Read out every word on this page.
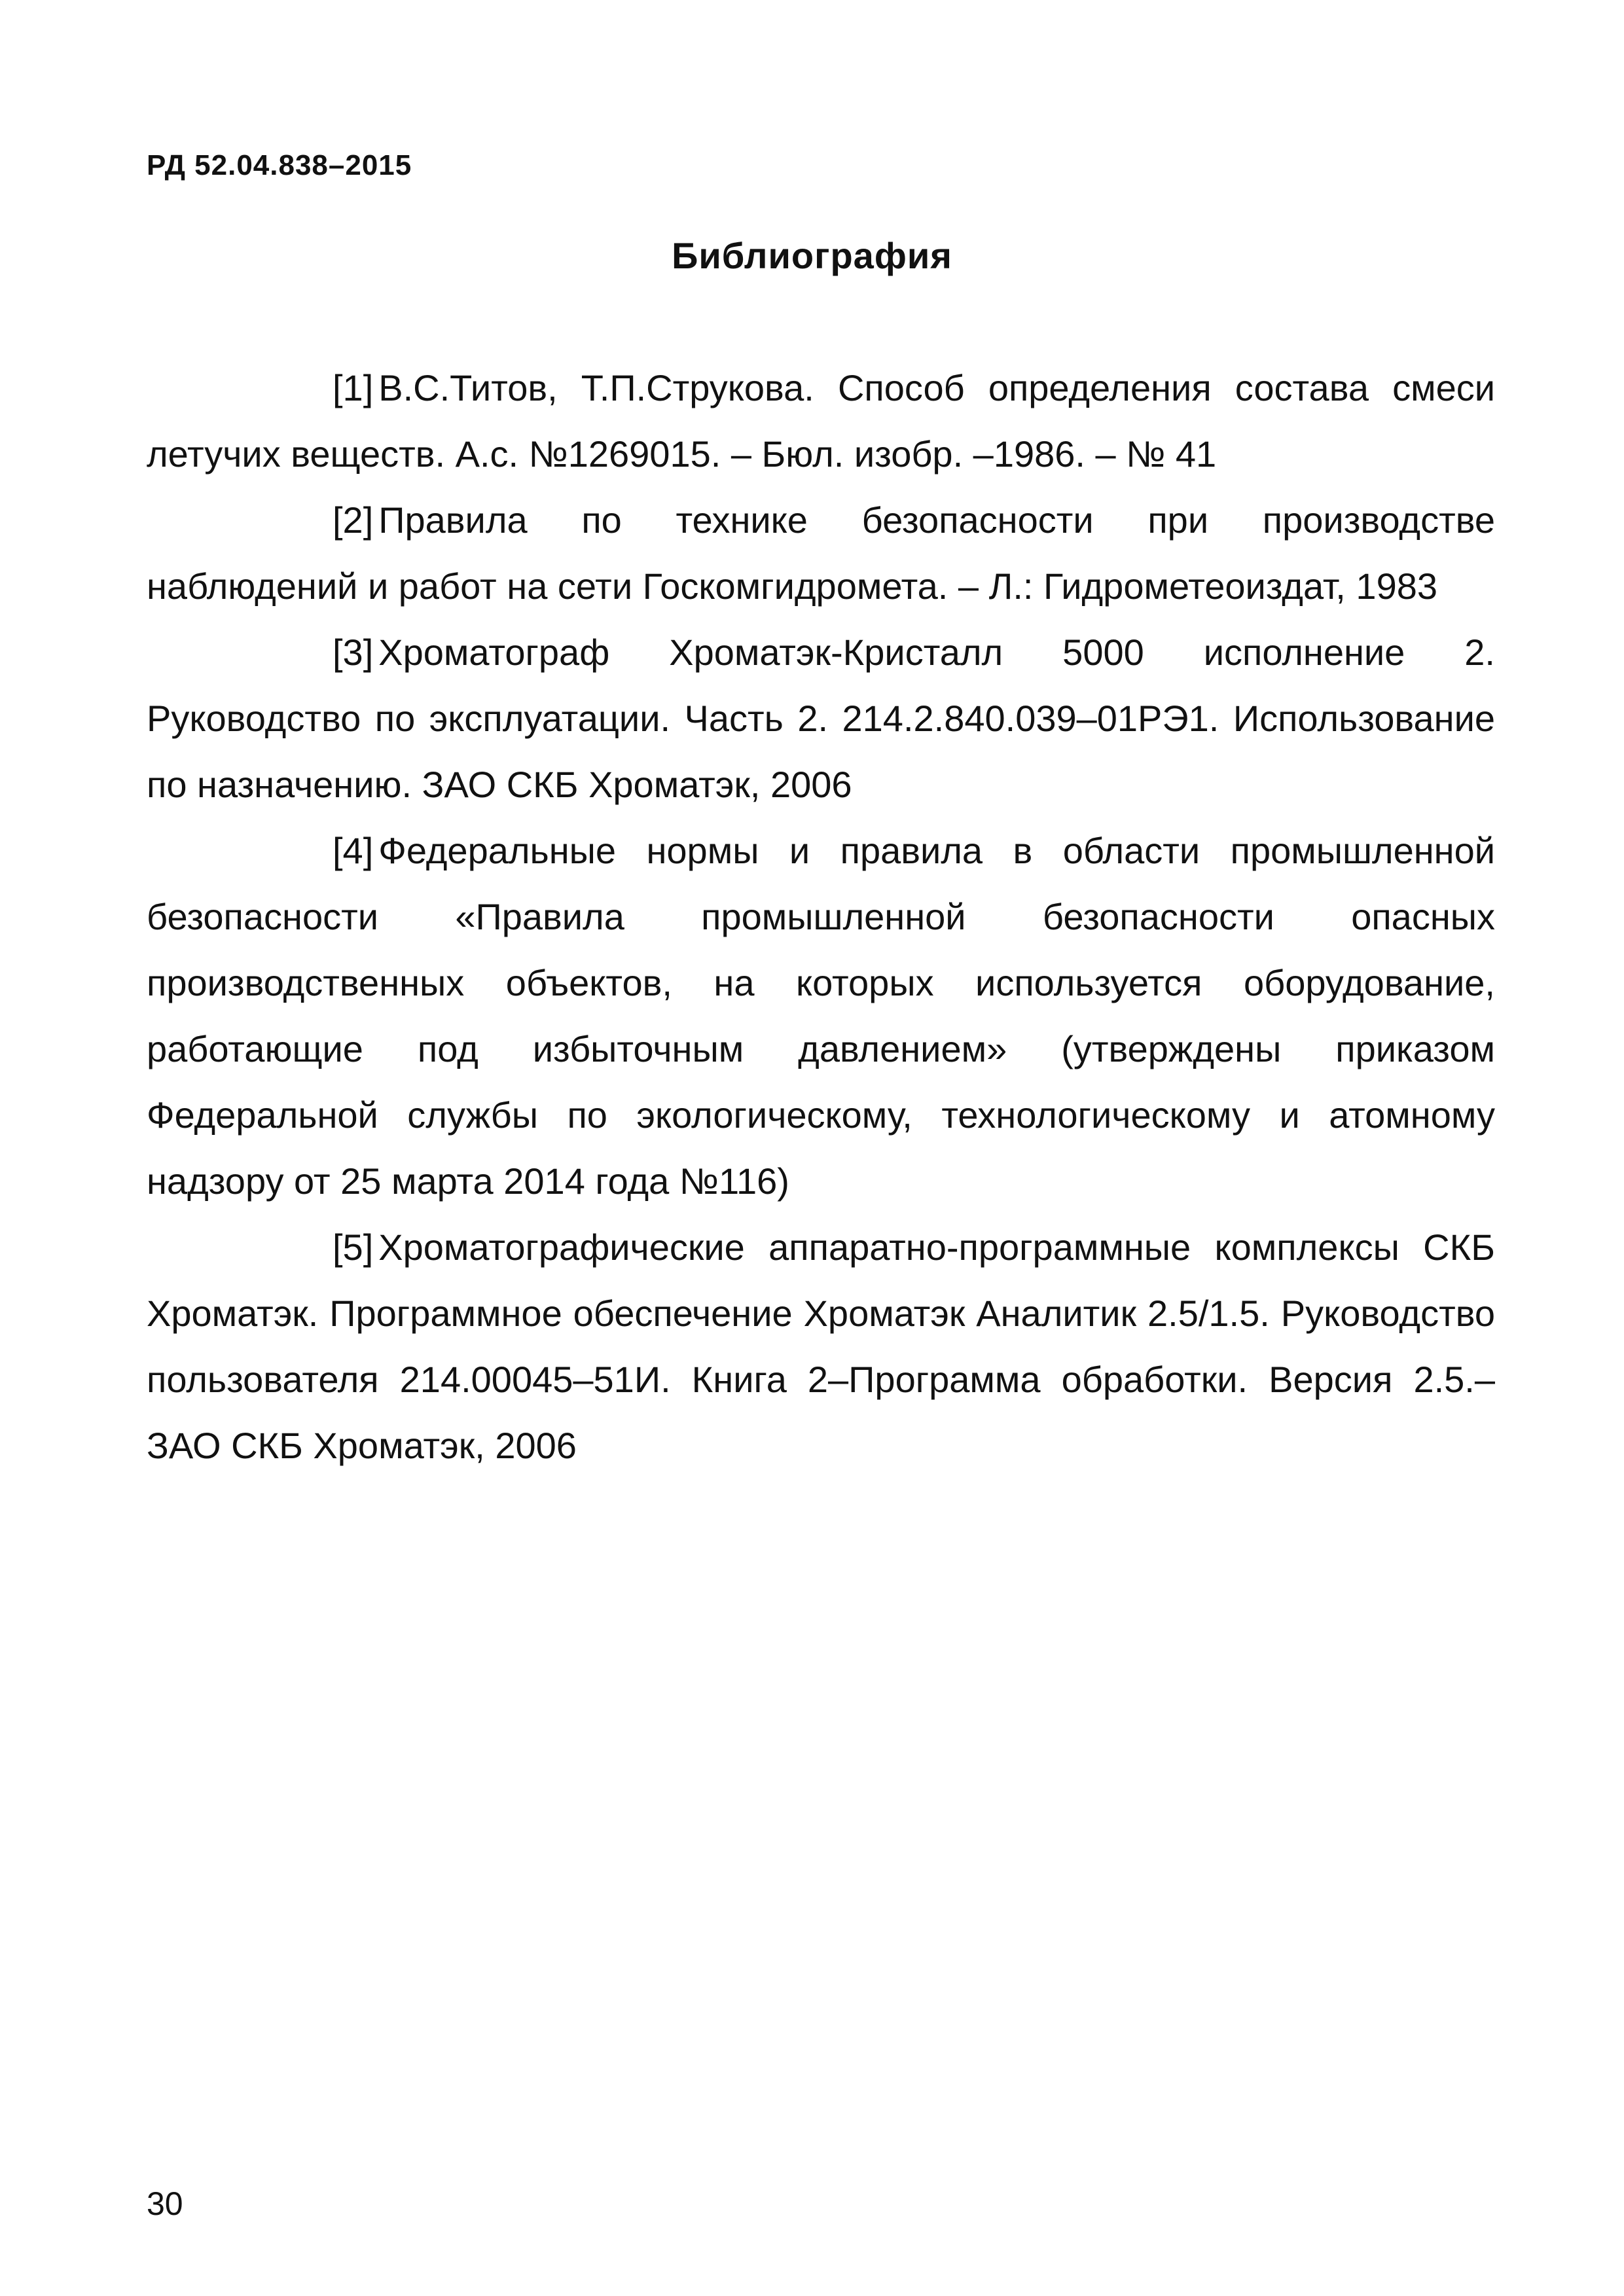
РД 52.04.838–2015
Библиография

[1] В.С.Титов, Т.П.Струкова. Способ определения состава смеси летучих веществ. А.с. №1269015. – Бюл. изобр. –1986. – № 41

[2] Правила по технике безопасности при производстве наблюдений и работ на сети Госкомгидромета. – Л.: Гидрометеоиздат, 1983

[3] Хроматограф Хроматэк-Кристалл 5000 исполнение 2. Руководство по эксплуатации. Часть 2. 214.2.840.039–01РЭ1. Использование по назначению. ЗАО СКБ Хроматэк, 2006

[4] Федеральные нормы и правила в области промышленной безопасности «Правила промышленной безопасности опасных производственных объектов, на которых используется оборудование, работающие под избыточным давлением» (утверждены приказом Федеральной службы по экологическому, технологическому и атомному надзору от 25 марта 2014 года №116)

[5] Хроматографические аппаратно-программные комплексы СКБ Хроматэк. Программное обеспечение Хроматэк Аналитик 2.5/1.5. Руководство пользователя 214.00045–51И. Книга 2–Программа обработки. Версия 2.5.–ЗАО СКБ Хроматэк, 2006

30
